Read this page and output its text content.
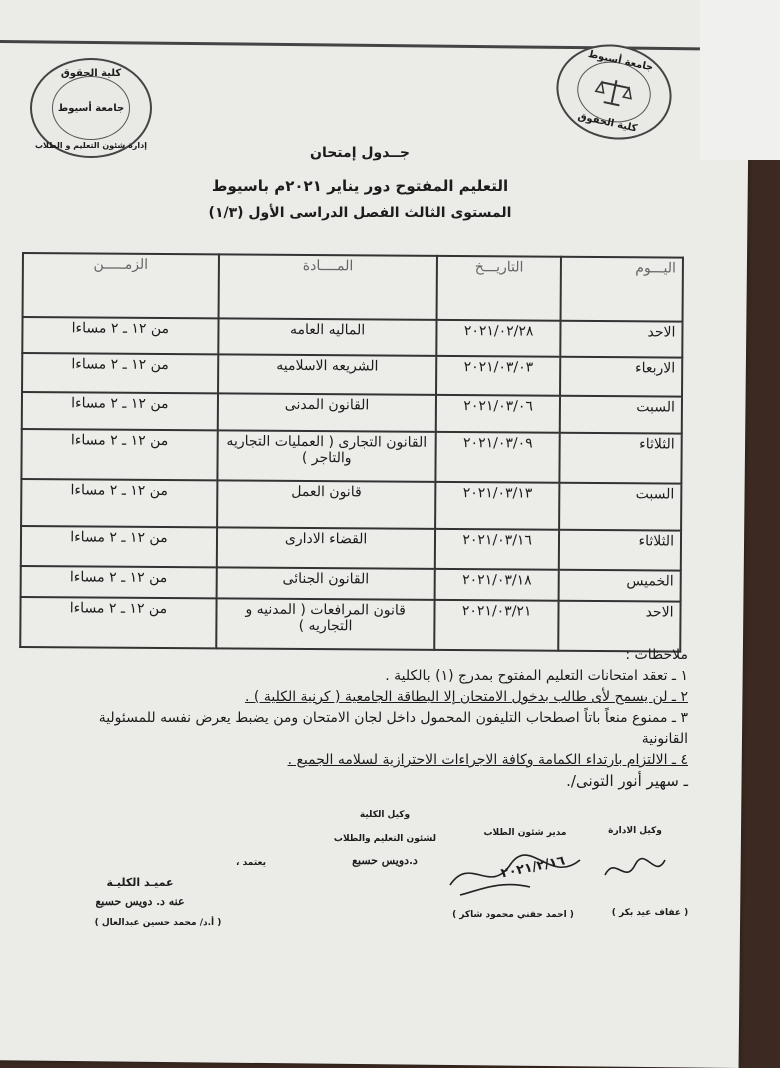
كلية الحقوق
جامعة أسيوط
إدارة شئون التعليم و الطلاب
جامعة أسيوط
كلية الحقوق
جــدول إمتحان
التعليم المفتوح دور يناير ٢٠٢١م باسيوط
المستوى الثالث الفصل الدراسى الأول (١/٣)
اليـــوم	التاريـــخ	المــــادة	الزمـــــن
الاحد	٢٠٢١/٠٢/٢٨	الماليه العامه	من ١٢ ـ ٢ مساءا
الاربعاء	٢٠٢١/٠٣/٠٣	الشريعه الاسلاميه	من ١٢ ـ ٢ مساءا
السبت	٢٠٢١/٠٣/٠٦	القانون المدنى	من ١٢ ـ ٢ مساءا
الثلاثاء	٢٠٢١/٠٣/٠٩	القانون التجارى ( العمليات التجاريه والتاجر )	من ١٢ ـ ٢ مساءا
السبت	٢٠٢١/٠٣/١٣	قانون العمل	من ١٢ ـ ٢ مساءا
الثلاثاء	٢٠٢١/٠٣/١٦	القضاء الادارى	من ١٢ ـ ٢ مساءا
الخميس	٢٠٢١/٠٣/١٨	القانون الجنائى	من ١٢ ـ ٢ مساءا
الاحد	٢٠٢١/٠٣/٢١	قانون المرافعات ( المدنيه و التجاريه )	من ١٢ ـ ٢ مساءا
ملاحظات :
١ ـ تعقد امتحانات التعليم المفتوح بمدرج (١) بالكلية .
٢ ـ لن يسمح لأى طالب بدخول الامتحان إلا البطاقة الجامعية ( كرنية الكلية ) .
٣ ـ ممنوع منعاً باتاً اصطحاب التليفون المحمول داخل لجان الامتحان ومن يضبط يعرض نفسه للمسئولية القانونية
٤ ـ الالتزام بارتداء الكمامة وكافة الاجراءات الاحترازية لسلامه الجميع .
ـ سهير أنور التونى/.
وكيل الكلية
لشئون التعليم والطلاب
د.دويس حسبع
يعتمد ،
عميـد الكليـة
عنه د. دويس حسبع
( أ.د/ محمد حسين عبدالعال )
مدير شئون الطلاب
٢٠٢١/٢/١٦
( احمد حفني محمود شاكر )
وكيل الادارة
( عفاف عيد بكر )
